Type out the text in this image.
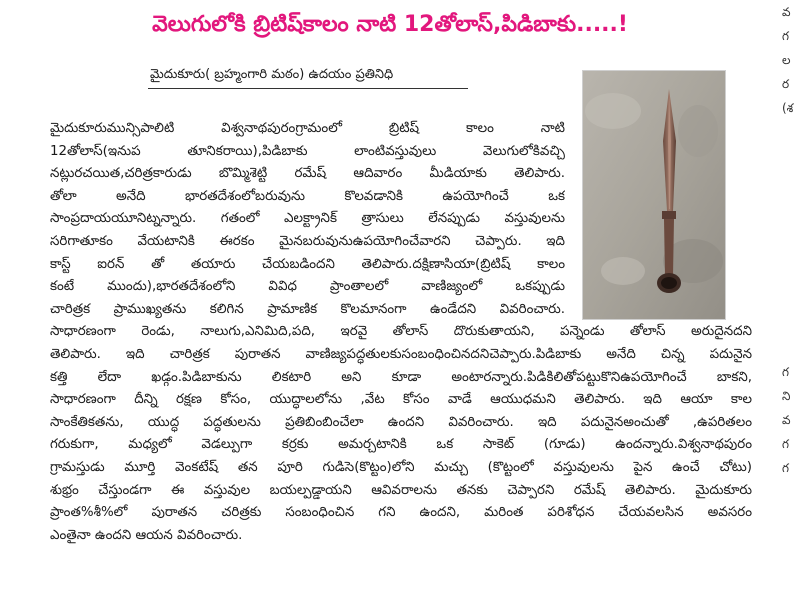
వెలుగులోకి బ్రిటిష్‌కాలం నాటి 12తోలాస్,పిడిబాకు.....!
మైదుకూరు( బ్రహ్మంగారి మఠం) ఉదయం ప్రతినిధి
మైదుకూరుమున్సిపాలిటి విశ్వనాథపురంగ్రామంలో బ్రిటిష్ కాలం నాటి
12తోలాస్(ఇనుప తూనికరాయి),పిడిబాకు లాంటివస్తువులు వెలుగులోకివచ్చి
నట్లురచయిత,చరిత్రకారుడు బొమ్మిశెట్టి రమేష్ ఆదివారం మీడియాకు తెలిపారు.
తోలా అనేది భారతదేశంలోబరువును కొలవడానికి ఉపయోగించే ఒక
సాంప్రదాయయూనిట్నన్నారు. గతంలో ఎలక్ట్రానిక్ త్రాసులు లేనప్పుడు వస్తువులను
సరిగాతూకం వేయటానికి ఈరకం మైనబరువునుఉపయోగించేవారని చెప్పారు. ఇది
కాస్ట్ ఐరన్ తో తయారు చేయబడిందని తెలిపారు.దక్షిణాసియా(బ్రిటిష్ కాలం
కంటే ముందు),భారతదేశంలోని వివిధ ప్రాంతాలలో వాణిజ్యంలో ఒకప్పుడు
చారిత్రక ప్రాముఖ్యతను కలిగిన ప్రామాణిక కొలమానంగా ఉండేదని వివరించారు.
సాధారణంగా రెండు, నాలుగు,ఎనిమిది,పది, ఇరవై తోలాస్ దొరుకుతాయని, పన్నెండు తోలాస్ అరుదైనదని
తెలిపారు. ఇది చారిత్రక పురాతన వాణిజ్యపద్ధతులకుసంబంధించినదనిచెప్పారు.పిడిబాకు అనేది చిన్న పదునైన
కత్తి లేదా ఖడ్గం.పిడిబాకును లికటారి అని కూడా అంటారన్నారు.పిడికిలితోపట్టుకొనిఉపయోగించే బాకని,
సాధారణంగా దీన్ని రక్షణ కోసం, యుద్ధాలలోను ,వేట కోసం వాడే ఆయుధమని తెలిపారు. ఇది ఆయా కాల
సాంకేతికతను, యుద్ధ పద్ధతులను ప్రతిబింబించేలా ఉందని వివరించారు. ఇది పదునైనఅంచుతో ,ఉపరితలం
గరుకుగా, మధ్యలో వెడల్పుగా కర్రకు అమర్చటానికి ఒక సాకెట్ (గూడు) ఉందన్నారు.విశ్వనాథపురం
గ్రామస్తుడు మూర్తి వెంకటేష్ తన పూరి గుడిసె(కొట్టం)లోని మచ్చు (కొట్టంలో వస్తువులను పైన ఉంచే చోటు)
శుభ్రం చేస్తుండగా ఈ వస్తువుల బయల్పడ్డాయని ఆవివరాలను తనకు చెప్పారని రమేష్ తెలిపారు. మైదుకూరు
ప్రాంత%శీ%లో పురాతన చరిత్రకు సంబంధించిన గని ఉందని, మరింత పరిశోధన చేయవలసిన అవసరం
ఎంతైనా ఉందని ఆయన వివరించారు.
వ
గ
ల
ర
(శ
గ
ని
వ
గ
గ
